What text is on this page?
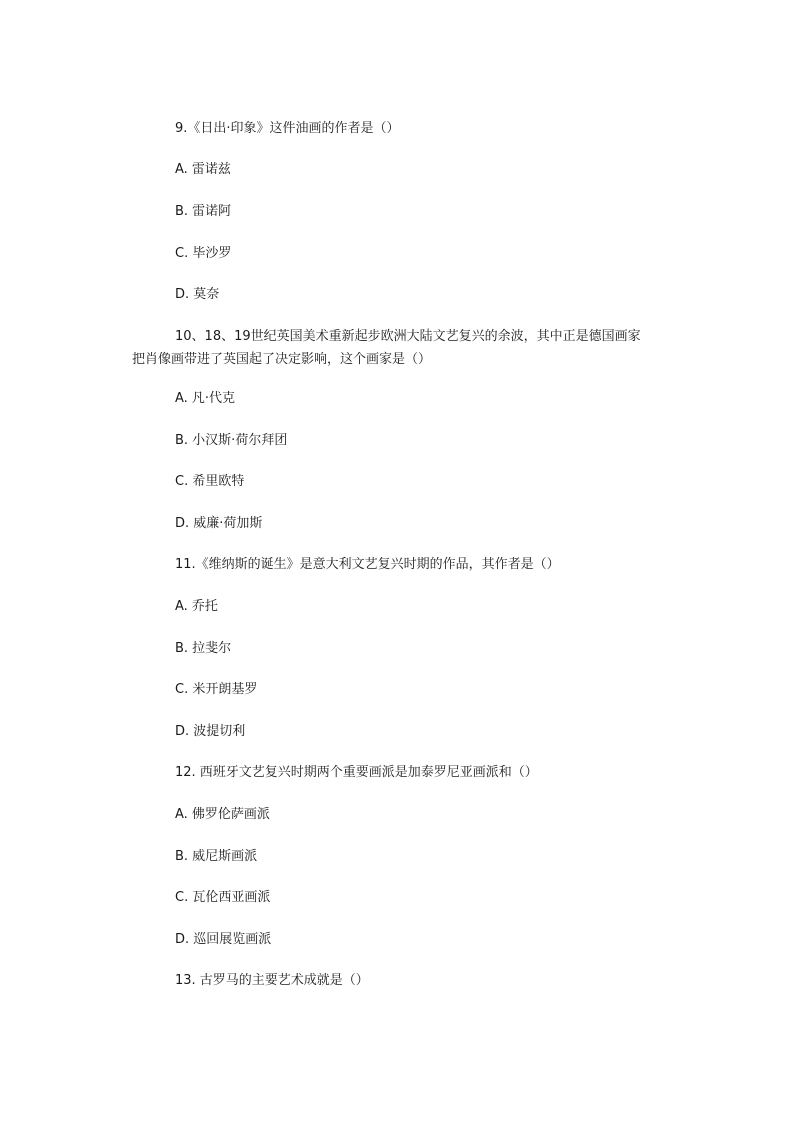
9.《日出·印象》这件油画的作者是（）
A. 雷诺兹
B. 雷诺阿
C. 毕沙罗
D. 莫奈
10、18、19世纪英国美术重新起步欧洲大陆文艺复兴的余波，其中正是德国画家
把肖像画带进了英国起了决定影响，这个画家是（）
A. 凡·代克
B. 小汉斯·荷尔拜团
C. 希里欧特
D. 威廉·荷加斯
11.《维纳斯的诞生》是意大利文艺复兴时期的作品，其作者是（）
A. 乔托
B. 拉斐尔
C. 米开朗基罗
D. 波提切利
12. 西班牙文艺复兴时期两个重要画派是加泰罗尼亚画派和（）
A. 佛罗伦萨画派
B. 威尼斯画派
C. 瓦伦西亚画派
D. 巡回展览画派
13. 古罗马的主要艺术成就是（）
